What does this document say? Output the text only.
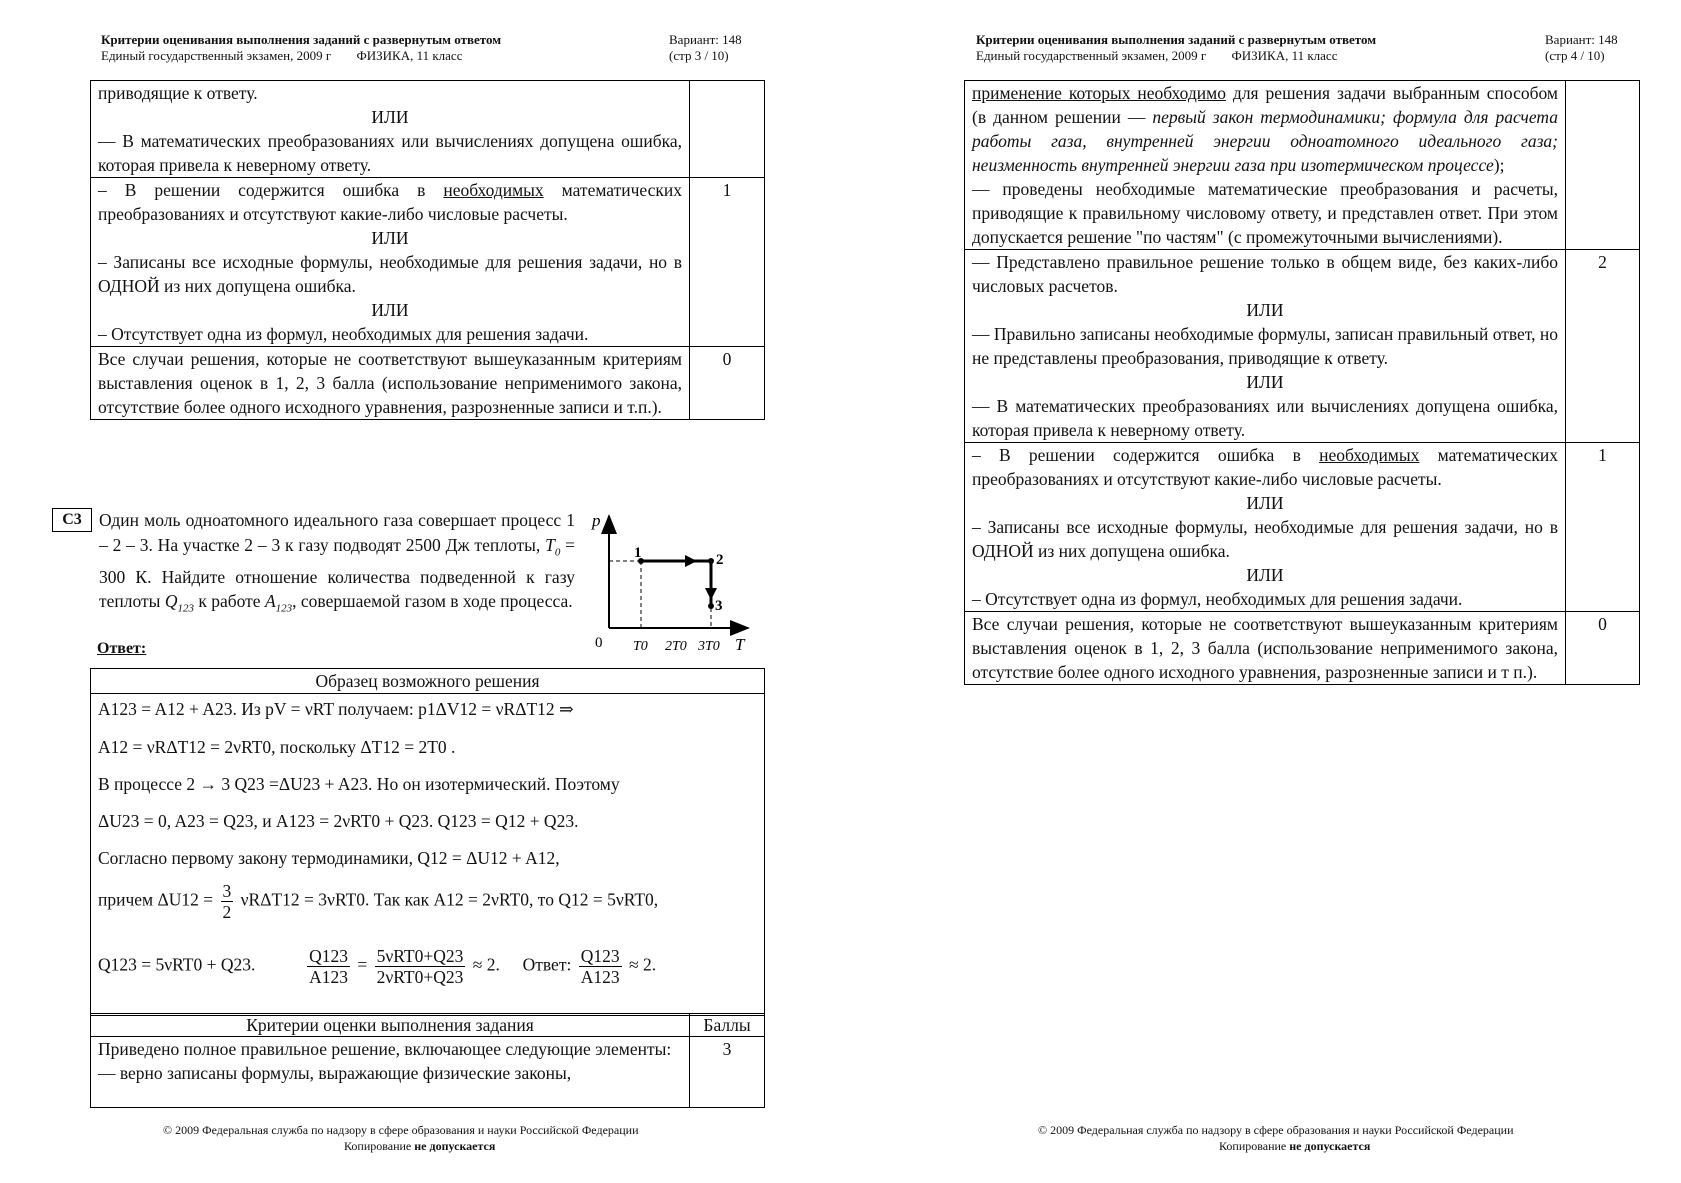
Критерии оценивания выполнения заданий с развернутым ответом
Единый государственный экзамен, 2009 г ФИЗИКА, 11 класс
Вариант: 148
(стр 3 / 10)
приводящие к ответу.
ИЛИ
— В математических преобразованиях или вычислениях допущена ошибка, которая привела к неверному ответу.	

– В решении содержится ошибка в необходимых математических преобразованиях и отсутствуют какие-либо числовые расчеты.
ИЛИ
– Записаны все исходные формулы, необходимые для решения задачи, но в ОДНОЙ из них допущена ошибка.
ИЛИ
– Отсутствует одна из формул, необходимых для решения задачи.	1
Все случаи решения, которые не соответствуют вышеуказанным критериям выставления оценок в 1, 2, 3 балла (использование неприменимого закона, отсутствие более одного исходного уравнения, разрозненные записи и т.п.).	0
C3 Один моль одноатомного идеального газа совершает процесс 1 – 2 – 3. На участке 2 – 3 к газу подводят 2500 Дж теплоты, $T_0 = 300$ К. Найдите отношение количества подведенной к газу теплоты $Q_{123}$ к работе $A_{123}$, совершаемой газом в ходе процесса.
Ответ:
p
T
0 T0 2T0 3T0
1	2
3
Образец возможного решения
A123 = A12 + A23. Из pV = νRT получаем: p1ΔV12 = νRΔT12 ⇒
A12 = νRΔT12 = 2νRT0, поскольку ΔT12 = 2T0 .
В процессе 2 → 3 Q23 =ΔU23 + A23. Но он изотермический. Поэтому
ΔU23 = 0, A23 = Q23, и A123 = 2νRT0 + Q23. Q123 = Q12 + Q23.
Согласно первому закону термодинамики, Q12 = ΔU12 + A12,
причем $\Delta U12 = \frac{3}{2} \nu R\Delta T12 = 3\nu RT0$. Так как A12 = 2νRT0, то Q12 = 5νRT0,
Q123 = 5νRT0 + Q23.	$\frac{Q123}{A123} = \frac{\text{5νRT0+Q23}}{\text{2νRT0+Q23}} \approx 2$. Ответ: $\frac{Q123}{A123} \approx 2$.
Критерии оценки выполнения задания	Баллы

Приведено полное правильное решение, включающее следующие элементы:
— верно записаны формулы, выражающие физические законы,	3
© 2009 Федеральная служба по надзору в сфере образования и науки Российской Федерации
Копирование не допускается
Критерии оценивания выполнения заданий с развернутым ответом
Единый государственный экзамен, 2009 г ФИЗИКА, 11 класс
Вариант: 148
(стр 4 / 10)
применение которых необходимо для решения задачи выбранным способом (в данном решении — первый закон термодинамики; формула для расчета работы газа, внутренней энергии одноатомного идеального газа; неизменность внутренней энергии газа при изотермическом процессе);
— проведены необходимые математические преобразования и расчеты, приводящие к правильному числовому ответу, и представлен ответ. При этом допускается решение "по частям" (с промежуточными вычислениями).	

— Представлено правильное решение только в общем виде, без каких-либо числовых расчетов.
ИЛИ
— Правильно записаны необходимые формулы, записан правильный ответ, но не представлены преобразования, приводящие к ответу.
ИЛИ
— В математических преобразованиях или вычислениях допущена ошибка, которая привела к неверному ответу.	2

– В решении содержится ошибка в необходимых математических преобразованиях и отсутствуют какие-либо числовые расчеты.
ИЛИ
– Записаны все исходные формулы, необходимые для решения задачи, но в ОДНОЙ из них допущена ошибка.
ИЛИ
– Отсутствует одна из формул, необходимых для решения задачи.	1
Все случаи решения, которые не соответствуют вышеуказанным критериям выставления оценок в 1, 2, 3 балла (использование неприменимого закона, отсутствие более одного исходного уравнения, разрозненные записи и т п.).	0
© 2009 Федеральная служба по надзору в сфере образования и науки Российской Федерации
Копирование не допускается
